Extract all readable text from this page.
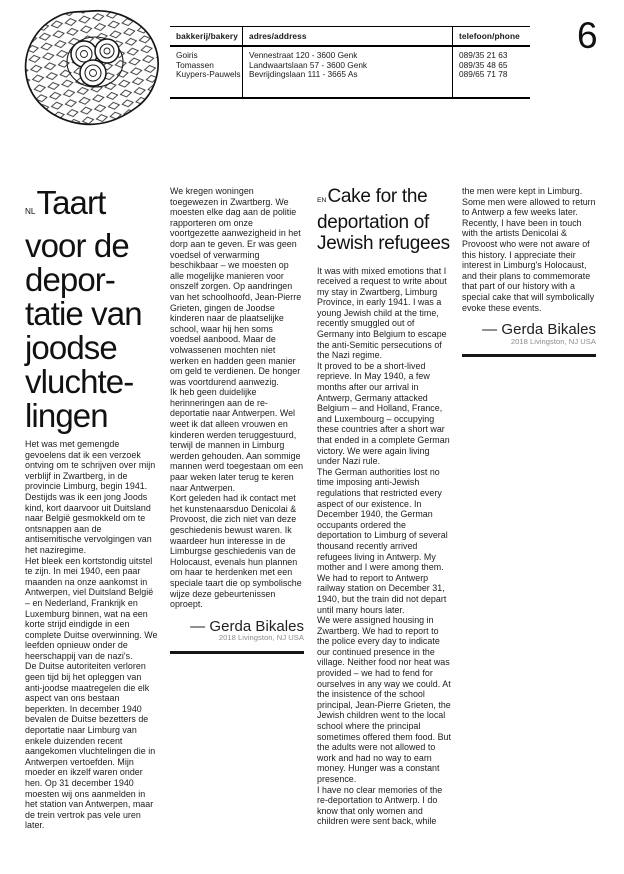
bakkerij/bakery
Goiris
Tomassen
Kuypers-Pauwels
adres/address
Vennestraat 120 - 3600 Genk
Landwaartslaan 57 - 3600 Genk
Bevrijdingslaan 111 - 3665 As
telefoon/phone
089/35 21 63
089/35 48 65
089/65 71 78
6
NLTaart
voor de
depor-
tatie van
joodse
vluchte-
lingen

Het was met gemengde gevoelens dat ik een verzoek ontving om te schrijven over mijn verblijf in Zwartberg, in de provincie Limburg, begin 1941. Destijds was ik een jong Joods kind, kort daarvoor uit Duitsland naar België gesmokkeld om te ontsnappen aan de antisemitische vervolgingen van het naziregime.

Het bleek een kortstondig uitstel te zijn. In mei 1940, een paar maanden na onze aankomst in Antwerpen, viel Duitsland België – en Nederland, Frankrijk en Luxemburg binnen, wat na een korte strijd eindigde in een complete Duitse overwinning. We leefden opnieuw onder de heerschappij van de nazi's.

De Duitse autoriteiten verloren geen tijd bij het opleggen van anti-joodse maatregelen die elk aspect van ons bestaan beperkten. In december 1940 bevalen de Duitse bezetters de deportatie naar Limburg van enkele duizenden recent aangekomen vluchtelingen die in Antwerpen vertoefden. Mijn moeder en ikzelf waren onder hen. Op 31 december 1940 moesten wij ons aanmelden in het station van Antwerpen, maar de trein vertrok pas vele uren later.

We kregen woningen toegewezen in Zwartberg. We moesten elke dag aan de politie rapporteren om onze voortgezette aanwezigheid in het dorp aan te geven. Er was geen voedsel of verwarming beschikbaar – we moesten op alle mogelijke manieren voor onszelf zorgen. Op aandringen van het schoolhoofd, Jean-Pierre Grieten, gingen de Joodse kinderen naar de plaatselijke school, waar hij hen soms voedsel aanbood. Maar de volwassenen mochten niet werken en hadden geen manier om geld te verdienen. De honger was voortdurend aanwezig.

Ik heb geen duidelijke herinneringen aan de re-deportatie naar Antwerpen. Wel weet ik dat alleen vrouwen en kinderen werden teruggestuurd, terwijl de mannen in Limburg werden gehouden. Aan sommige mannen werd toegestaan om een paar weken later terug te keren naar Antwerpen.

Kort geleden had ik contact met het kunstenaarsduo Denicolai & Provoost, die zich niet van deze geschiedenis bewust waren. Ik waardeer hun interesse in de Limburgse geschiedenis van de Holocaust, evenals hun plannen om haar te herdenken met een speciale taart die op symbolische wijze deze gebeurtenissen oproept.

— Gerda Bikales
2018 Livingston, NJ USA
ENCake for the
deportation of
Jewish refugees

It was with mixed emotions that I received a request to write about my stay in Zwartberg, Limburg Province, in early 1941. I was a young Jewish child at the time, recently smuggled out of Germany into Belgium to escape the anti-Semitic persecutions of the Nazi regime.

It proved to be a short-lived reprieve. In May 1940, a few months after our arrival in Antwerp, Germany attacked Belgium – and Holland, France, and Luxembourg – occupying these countries after a short war that ended in a complete German victory. We were again living under Nazi rule.

The German authorities lost no time imposing anti-Jewish regulations that restricted every aspect of our existence. In December 1940, the German occupants ordered the deportation to Limburg of several thousand recently arrived refugees living in Antwerp. My mother and I were among them. We had to report to Antwerp railway station on December 31, 1940, but the train did not depart until many hours later.

We were assigned housing in Zwartberg. We had to report to the police every day to indicate our continued presence in the village. Neither food nor heat was provided – we had to fend for ourselves in any way we could. At the insistence of the school principal, Jean-Pierre Grieten, the Jewish children went to the local school where the principal sometimes offered them food. But the adults were not allowed to work and had no way to earn money. Hunger was a constant presence.

I have no clear memories of the re-deportation to Antwerp. I do know that only women and children were sent back, while

the men were kept in Limburg. Some men were allowed to return to Antwerp a few weeks later.

Recently, I have been in touch with the artists Denicolai & Provoost who were not aware of this history. I appreciate their interest in Limburg's Holocaust, and their plans to commemorate that part of our history with a special cake that will symbolically evoke these events.

— Gerda Bikales
2018 Livingston, NJ USA
